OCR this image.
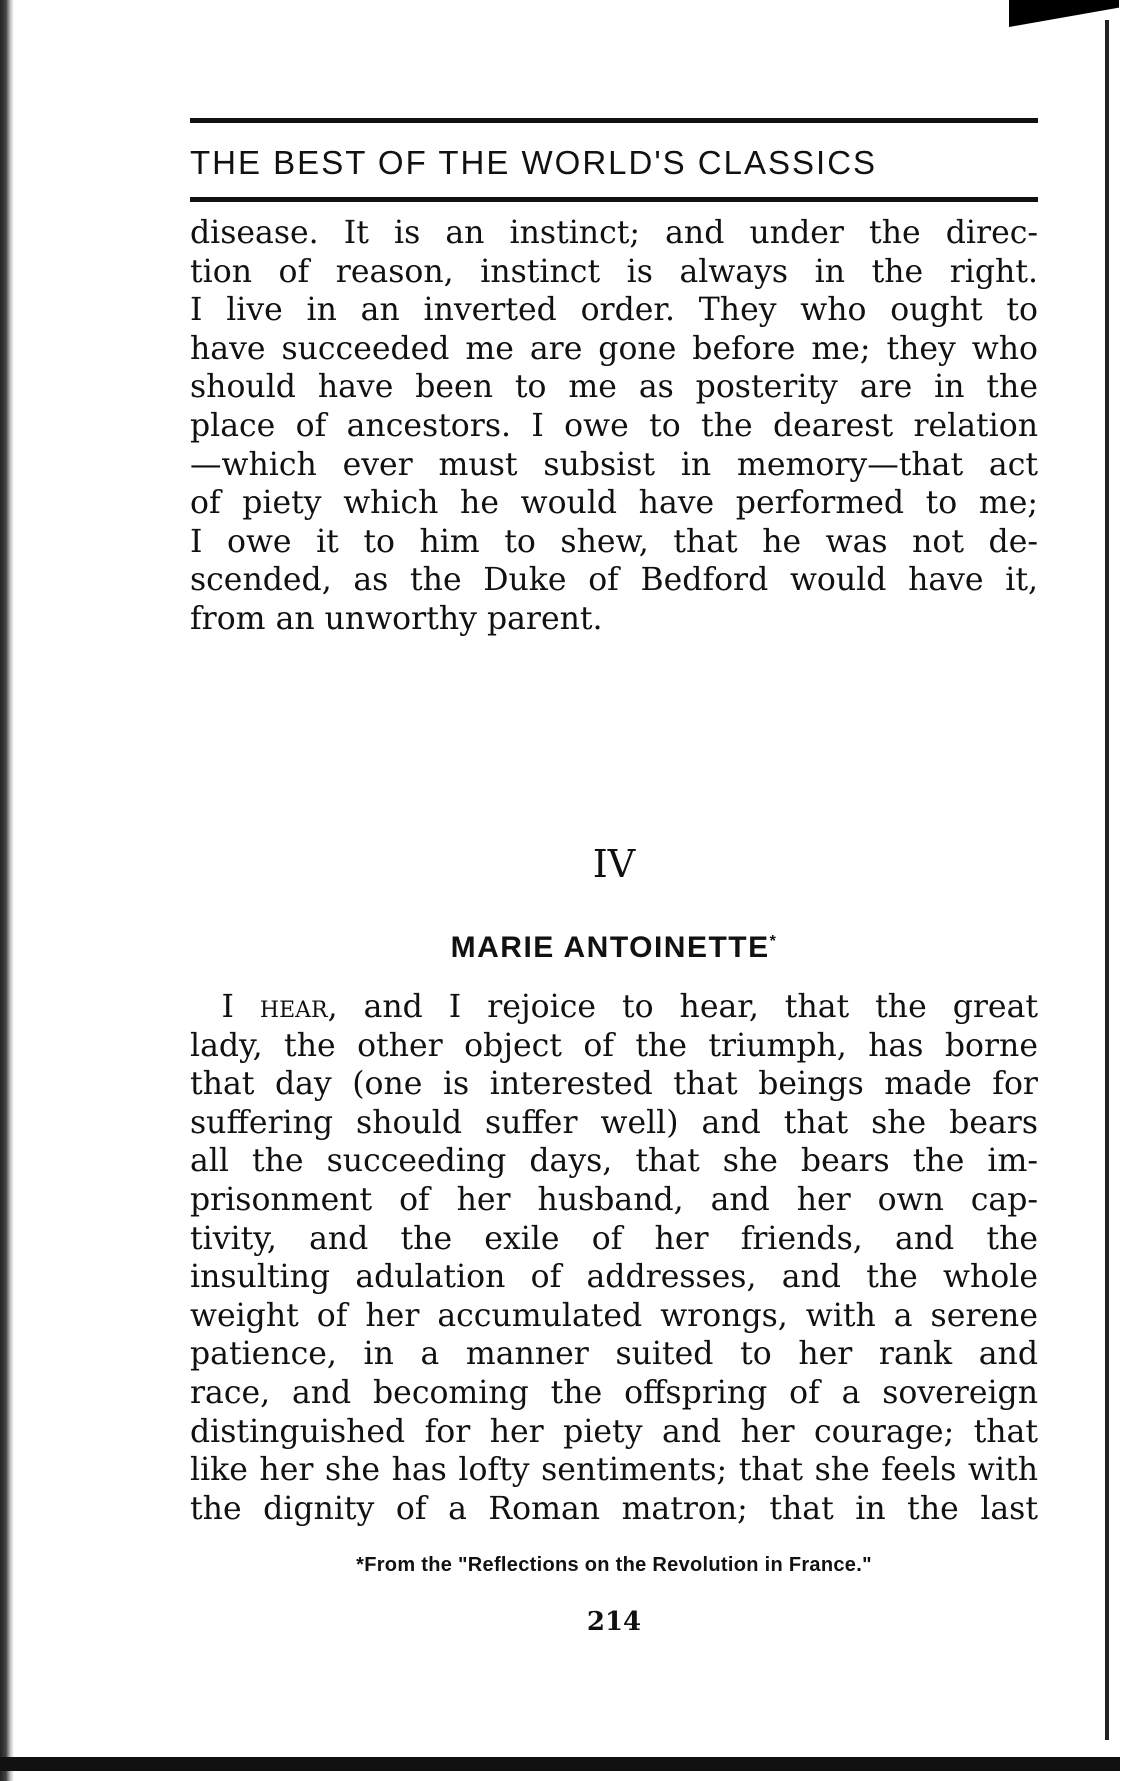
THE BEST OF THE WORLD'S CLASSICS
disease. It is an instinct; and under the direc-
tion of reason, instinct is always in the right.
I live in an inverted order. They who ought to
have succeeded me are gone before me; they who
should have been to me as posterity are in the
place of ancestors. I owe to the dearest relation
—which ever must subsist in memory—that act
of piety which he would have performed to me;
I owe it to him to shew, that he was not de-
scended, as the Duke of Bedford would have it,
from an unworthy parent.
IV
MARIE ANTOINETTE*
 I hear, and I rejoice to hear, that the great
lady, the other object of the triumph, has borne
that day (one is interested that beings made for
suffering should suffer well) and that she bears
all the succeeding days, that she bears the im-
prisonment of her husband, and her own cap-
tivity, and the exile of her friends, and the
insulting adulation of addresses, and the whole
weight of her accumulated wrongs, with a serene
patience, in a manner suited to her rank and
race, and becoming the offspring of a sovereign
distinguished for her piety and her courage; that
like her she has lofty sentiments; that she feels with
the dignity of a Roman matron; that in the last
*From the "Reflections on the Revolution in France."
214
